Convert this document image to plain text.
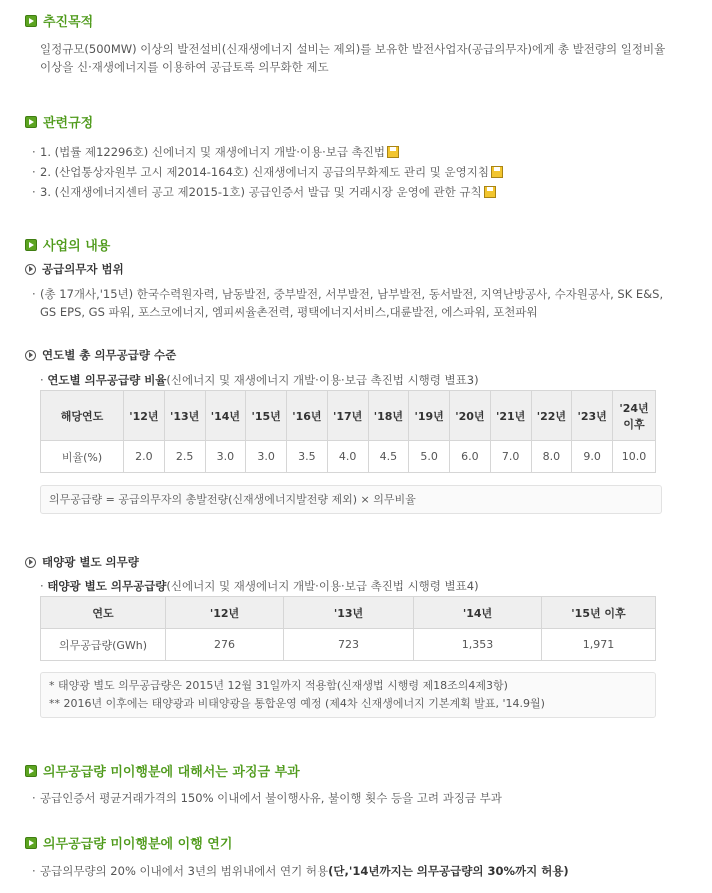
추진목적
일정규모(500MW) 이상의 발전설비(신재생에너지 설비는 제외)를 보유한 발전사업자(공급의무자)에게 총 발전량의 일정비율 이상을 신·재생에너지를 이용하여 공급토록 의무화한 제도
관련규정
· 1. (법률 제12296호) 신에너지 및 재생에너지 개발·이용·보급 촉진법
· 2. (산업통상자원부 고시 제2014-164호) 신재생에너지 공급의무화제도 관리 및 운영지침
· 3. (신재생에너지센터 공고 제2015-1호) 공급인증서 발급 및 거래시장 운영에 관한 규칙
사업의 내용
공급의무자 범위
· (총 17개사,'15년) 한국수력원자력, 남동발전, 중부발전, 서부발전, 남부발전, 동서발전, 지역난방공사, 수자원공사, SK E&S, GS EPS, GS 파워, 포스코에너지, 엠피씨율촌전력, 평택에너지서비스,대륜발전, 에스파워, 포천파워
연도별 총 의무공급량 수준
· 연도별 의무공급량 비율(신에너지 및 재생에너지 개발·이용·보급 촉진법 시행령 별표3)
해당연도	'12년	'13년	'14년	'15년	'16년	'17년	'18년	'19년	'20년	'21년	'22년	'23년	'24년 이후
비율(%)	2.0	2.5	3.0	3.0	3.5	4.0	4.5	5.0	6.0	7.0	8.0	9.0	10.0
의무공급량 = 공급의무자의 총발전량(신재생에너지발전량 제외) × 의무비율
태양광 별도 의무량
· 태양광 별도 의무공급량(신에너지 및 재생에너지 개발·이용·보급 촉진법 시행령 별표4)
연도	'12년	'13년	'14년	'15년 이후
의무공급량(GWh)	276	723	1,353	1,971
* 태양광 별도 의무공급량은 2015년 12월 31일까지 적용함(신재생법 시행령 제18조의4제3항)
** 2016년 이후에는 태양광과 비태양광을 통합운영 예정 (제4차 신재생에너지 기본계획 발표, '14.9월)
의무공급량 미이행분에 대해서는 과징금 부과
· 공급인증서 평균거래가격의 150% 이내에서 불이행사유, 불이행 횟수 등을 고려 과징금 부과
의무공급량 미이행분에 이행 연기
· 공급의무량의 20% 이내에서 3년의 범위내에서 연기 허용(단,'14년까지는 의무공급량의 30%까지 허용)
